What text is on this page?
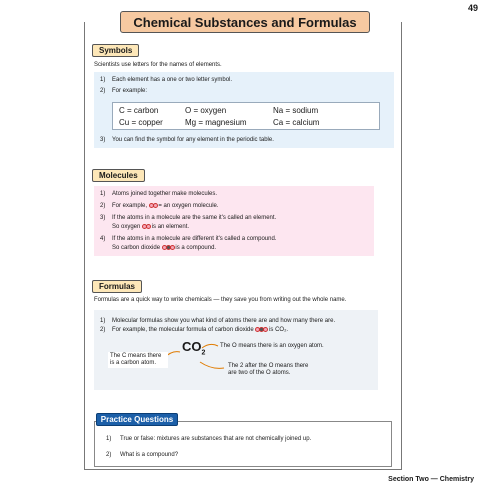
49
Chemical Substances and Formulas
Symbols
Scientists use letters for the names of elements.
1) Each element has a one or two letter symbol.
2) For example:
C = carbon	O = oxygen	Na = sodium
Cu = copper	Mg = magnesium	Ca = calcium
3) You can find the symbol for any element in the periodic table.
Molecules
1) Atoms joined together make molecules.
2) For example, = an oxygen molecule.
3) If the atoms in a molecule are the same it's called an element.
So oxygen is an element.
4) If the atoms in a molecule are different it's called a compound.
So carbon dioxide	is a compound.
Formulas
Formulas are a quick way to write chemicals — they save you from writing out the whole name.
1) Molecular formulas show you what kind of atoms there are and how many there are.
2) For example, the molecular formula of carbon dioxide	is CO₂.
$CO_2$
The C means there is a carbon atom.
The O means there is an oxygen atom.
The 2 after the O means there are two of the O atoms.
Practice Questions
1) True or false: mixtures are substances that are not chemically joined up.
2) What is a compound?
Section Two — Chemistry
